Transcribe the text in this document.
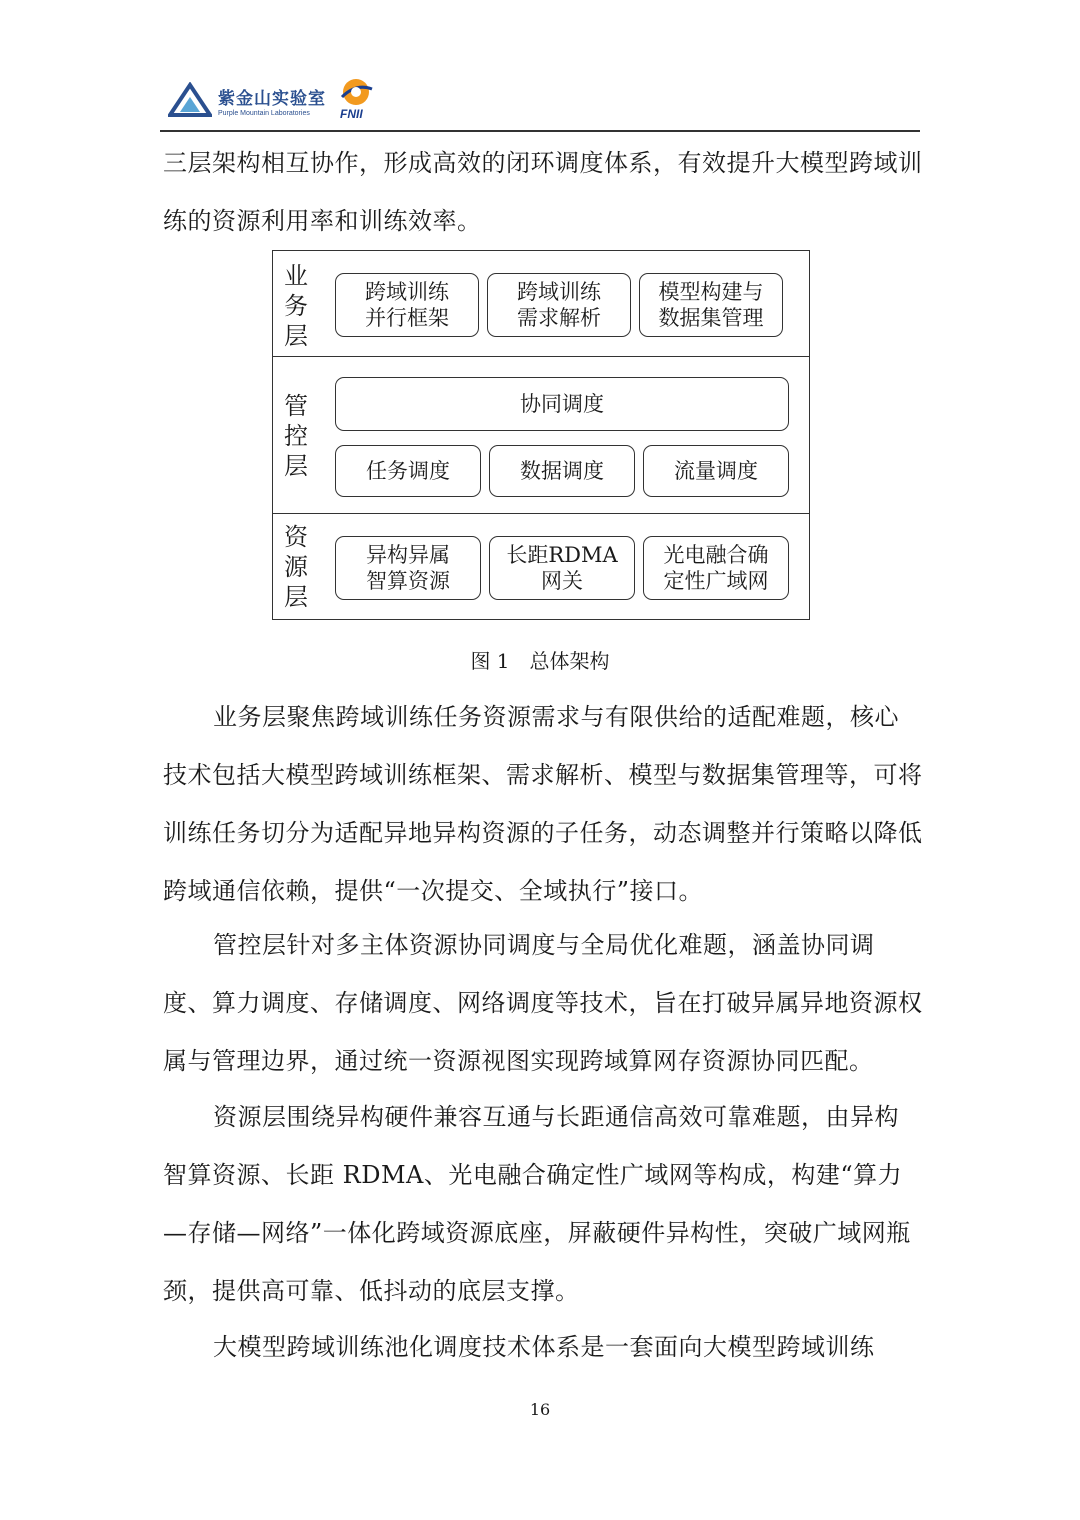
紫金山实验室
Purple Mountain Laboratories	FNII
三层架构相互协作，形成高效的闭环调度体系，有效提升大模型跨域训练的资源利用率和训练效率。
业务层
跨域训练
并行框架
跨域训练
需求解析
模型构建与
数据集管理
管控层
协同调度
任务调度	数据调度	流量调度
资源层
异构异属
智算资源
长距RDMA
网关
光电融合确
定性广域网
图 1　总体架构
业务层聚焦跨域训练任务资源需求与有限供给的适配难题，核心技术包括大模型跨域训练框架、需求解析、模型与数据集管理等，可将训练任务切分为适配异地异构资源的子任务，动态调整并行策略以降低跨域通信依赖，提供“一次提交、全域执行”接口。
管控层针对多主体资源协同调度与全局优化难题，涵盖协同调度、算力调度、存储调度、网络调度等技术，旨在打破异属异地资源权属与管理边界，通过统一资源视图实现跨域算网存资源协同匹配。
资源层围绕异构硬件兼容互通与长距通信高效可靠难题，由异构智算资源、长距 RDMA、光电融合确定性广域网等构成，构建“算力—存储—网络”一体化跨域资源底座，屏蔽硬件异构性，突破广域网瓶颈，提供高可靠、低抖动的底层支撑。
大模型跨域训练池化调度技术体系是一套面向大模型跨域训练
16
